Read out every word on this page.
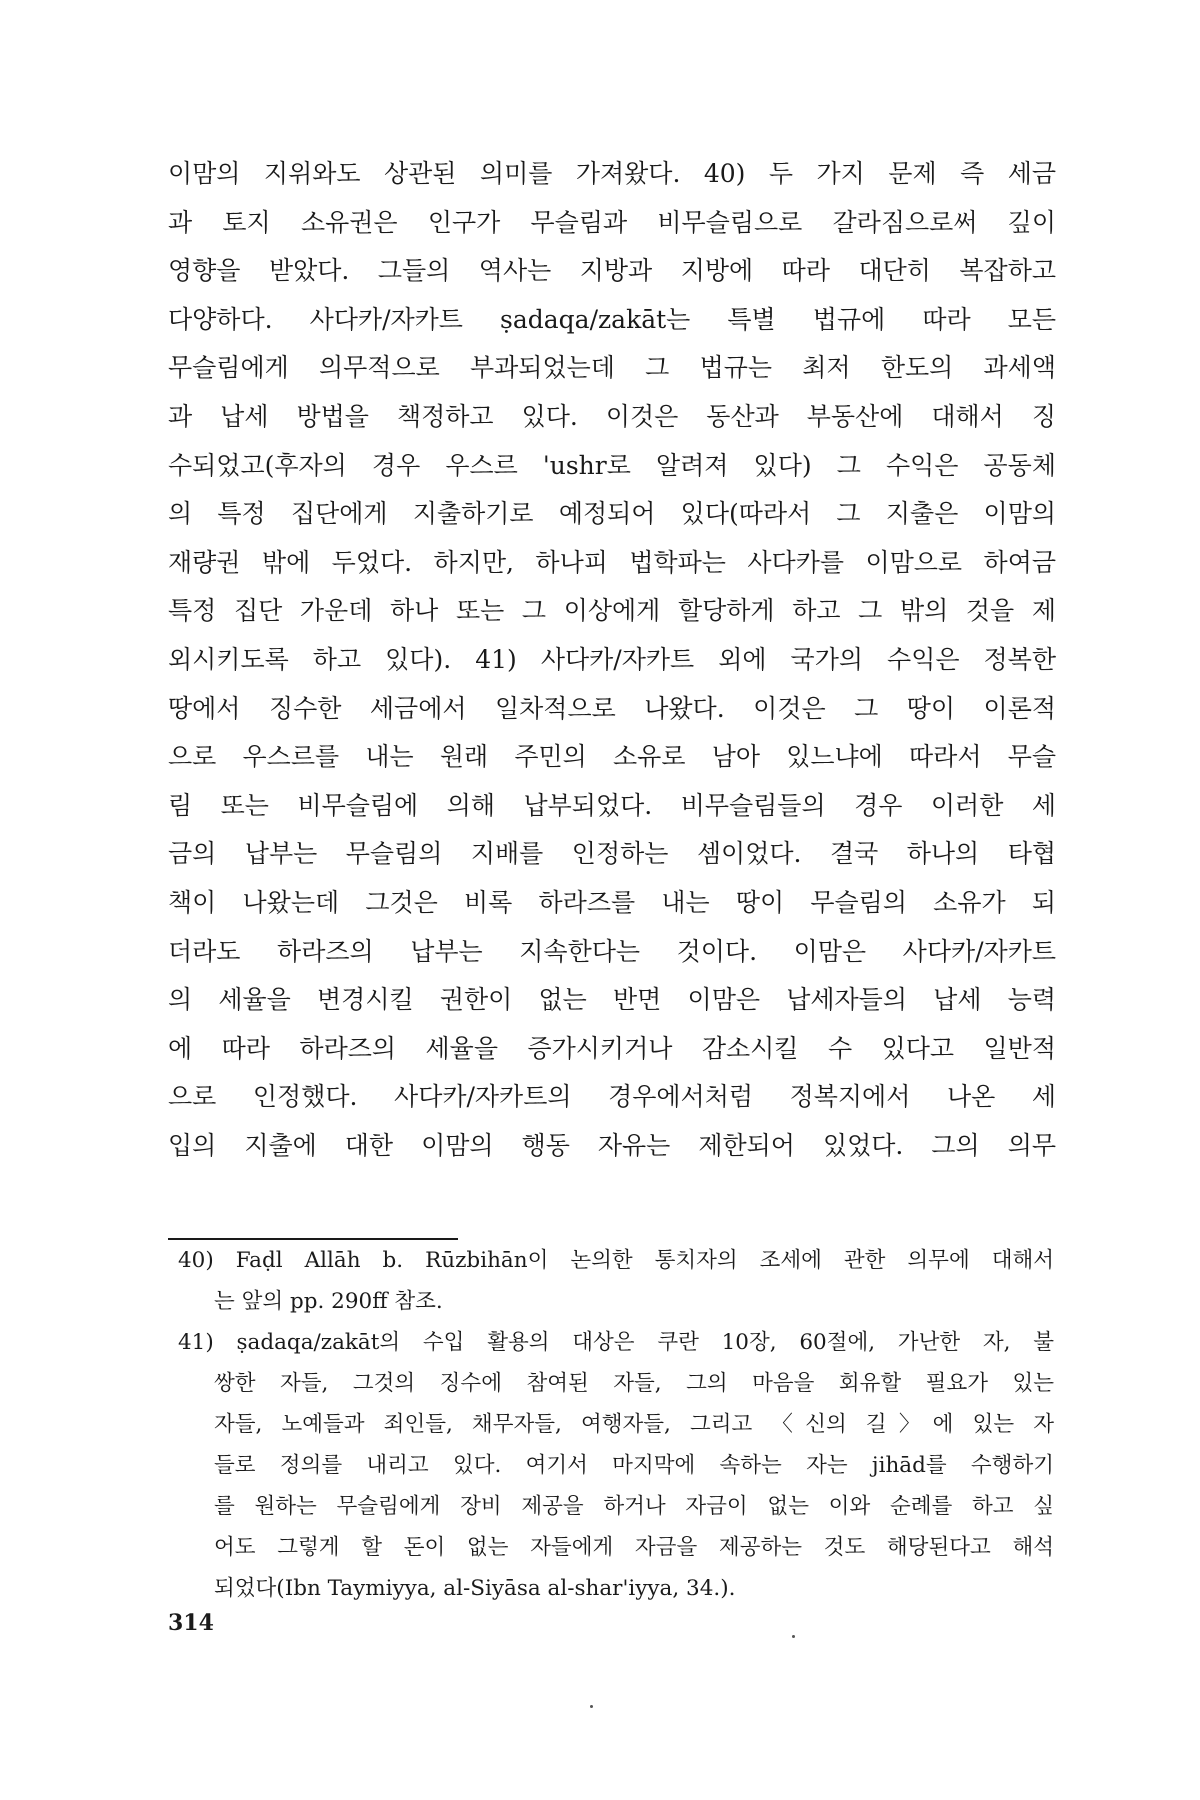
이맘의 지위와도 상관된 의미를 가져왔다. 40) 두 가지 문제 즉 세금
과 토지 소유권은 인구가 무슬림과 비무슬림으로 갈라짐으로써 깊이
영향을 받았다. 그들의 역사는 지방과 지방에 따라 대단히 복잡하고
다양하다. 사다카/자카트 ṣadaqa/zakāt는 특별 법규에 따라 모든
무슬림에게 의무적으로 부과되었는데 그 법규는 최저 한도의 과세액
과 납세 방법을 책정하고 있다. 이것은 동산과 부동산에 대해서 징
수되었고(후자의 경우 우스르 'ushr로 알려져 있다) 그 수익은 공동체
의 특정 집단에게 지출하기로 예정되어 있다(따라서 그 지출은 이맘의
재량권 밖에 두었다. 하지만, 하나피 법학파는 사다카를 이맘으로 하여금
특정 집단 가운데 하나 또는 그 이상에게 할당하게 하고 그 밖의 것을 제
외시키도록 하고 있다). 41) 사다카/자카트 외에 국가의 수익은 정복한
땅에서 징수한 세금에서 일차적으로 나왔다. 이것은 그 땅이 이론적
으로 우스르를 내는 원래 주민의 소유로 남아 있느냐에 따라서 무슬
림 또는 비무슬림에 의해 납부되었다. 비무슬림들의 경우 이러한 세
금의 납부는 무슬림의 지배를 인정하는 셈이었다. 결국 하나의 타협
책이 나왔는데 그것은 비록 하라즈를 내는 땅이 무슬림의 소유가 되
더라도 하라즈의 납부는 지속한다는 것이다. 이맘은 사다카/자카트
의 세율을 변경시킬 권한이 없는 반면 이맘은 납세자들의 납세 능력
에 따라 하라즈의 세율을 증가시키거나 감소시킬 수 있다고 일반적
으로 인정했다. 사다카/자카트의 경우에서처럼 정복지에서 나온 세
입의 지출에 대한 이맘의 행동 자유는 제한되어 있었다. 그의 의무
40) Faḍl Allāh b. Rūzbihān이 논의한 통치자의 조세에 관한 의무에 대해서
는 앞의 pp. 290ff 참조.
41) ṣadaqa/zakāt의 수입 활용의 대상은 쿠란 10장, 60절에, 가난한 자, 불
쌍한 자들, 그것의 징수에 참여된 자들, 그의 마음을 회유할 필요가 있는
자들, 노예들과 죄인들, 채무자들, 여행자들, 그리고 〈신의 길〉에 있는 자
들로 정의를 내리고 있다. 여기서 마지막에 속하는 자는 jihād를 수행하기
를 원하는 무슬림에게 장비 제공을 하거나 자금이 없는 이와 순례를 하고 싶
어도 그렇게 할 돈이 없는 자들에게 자금을 제공하는 것도 해당된다고 해석
되었다(Ibn Taymiyya, al-Siyāsa al-shar'iyya, 34.).
314
